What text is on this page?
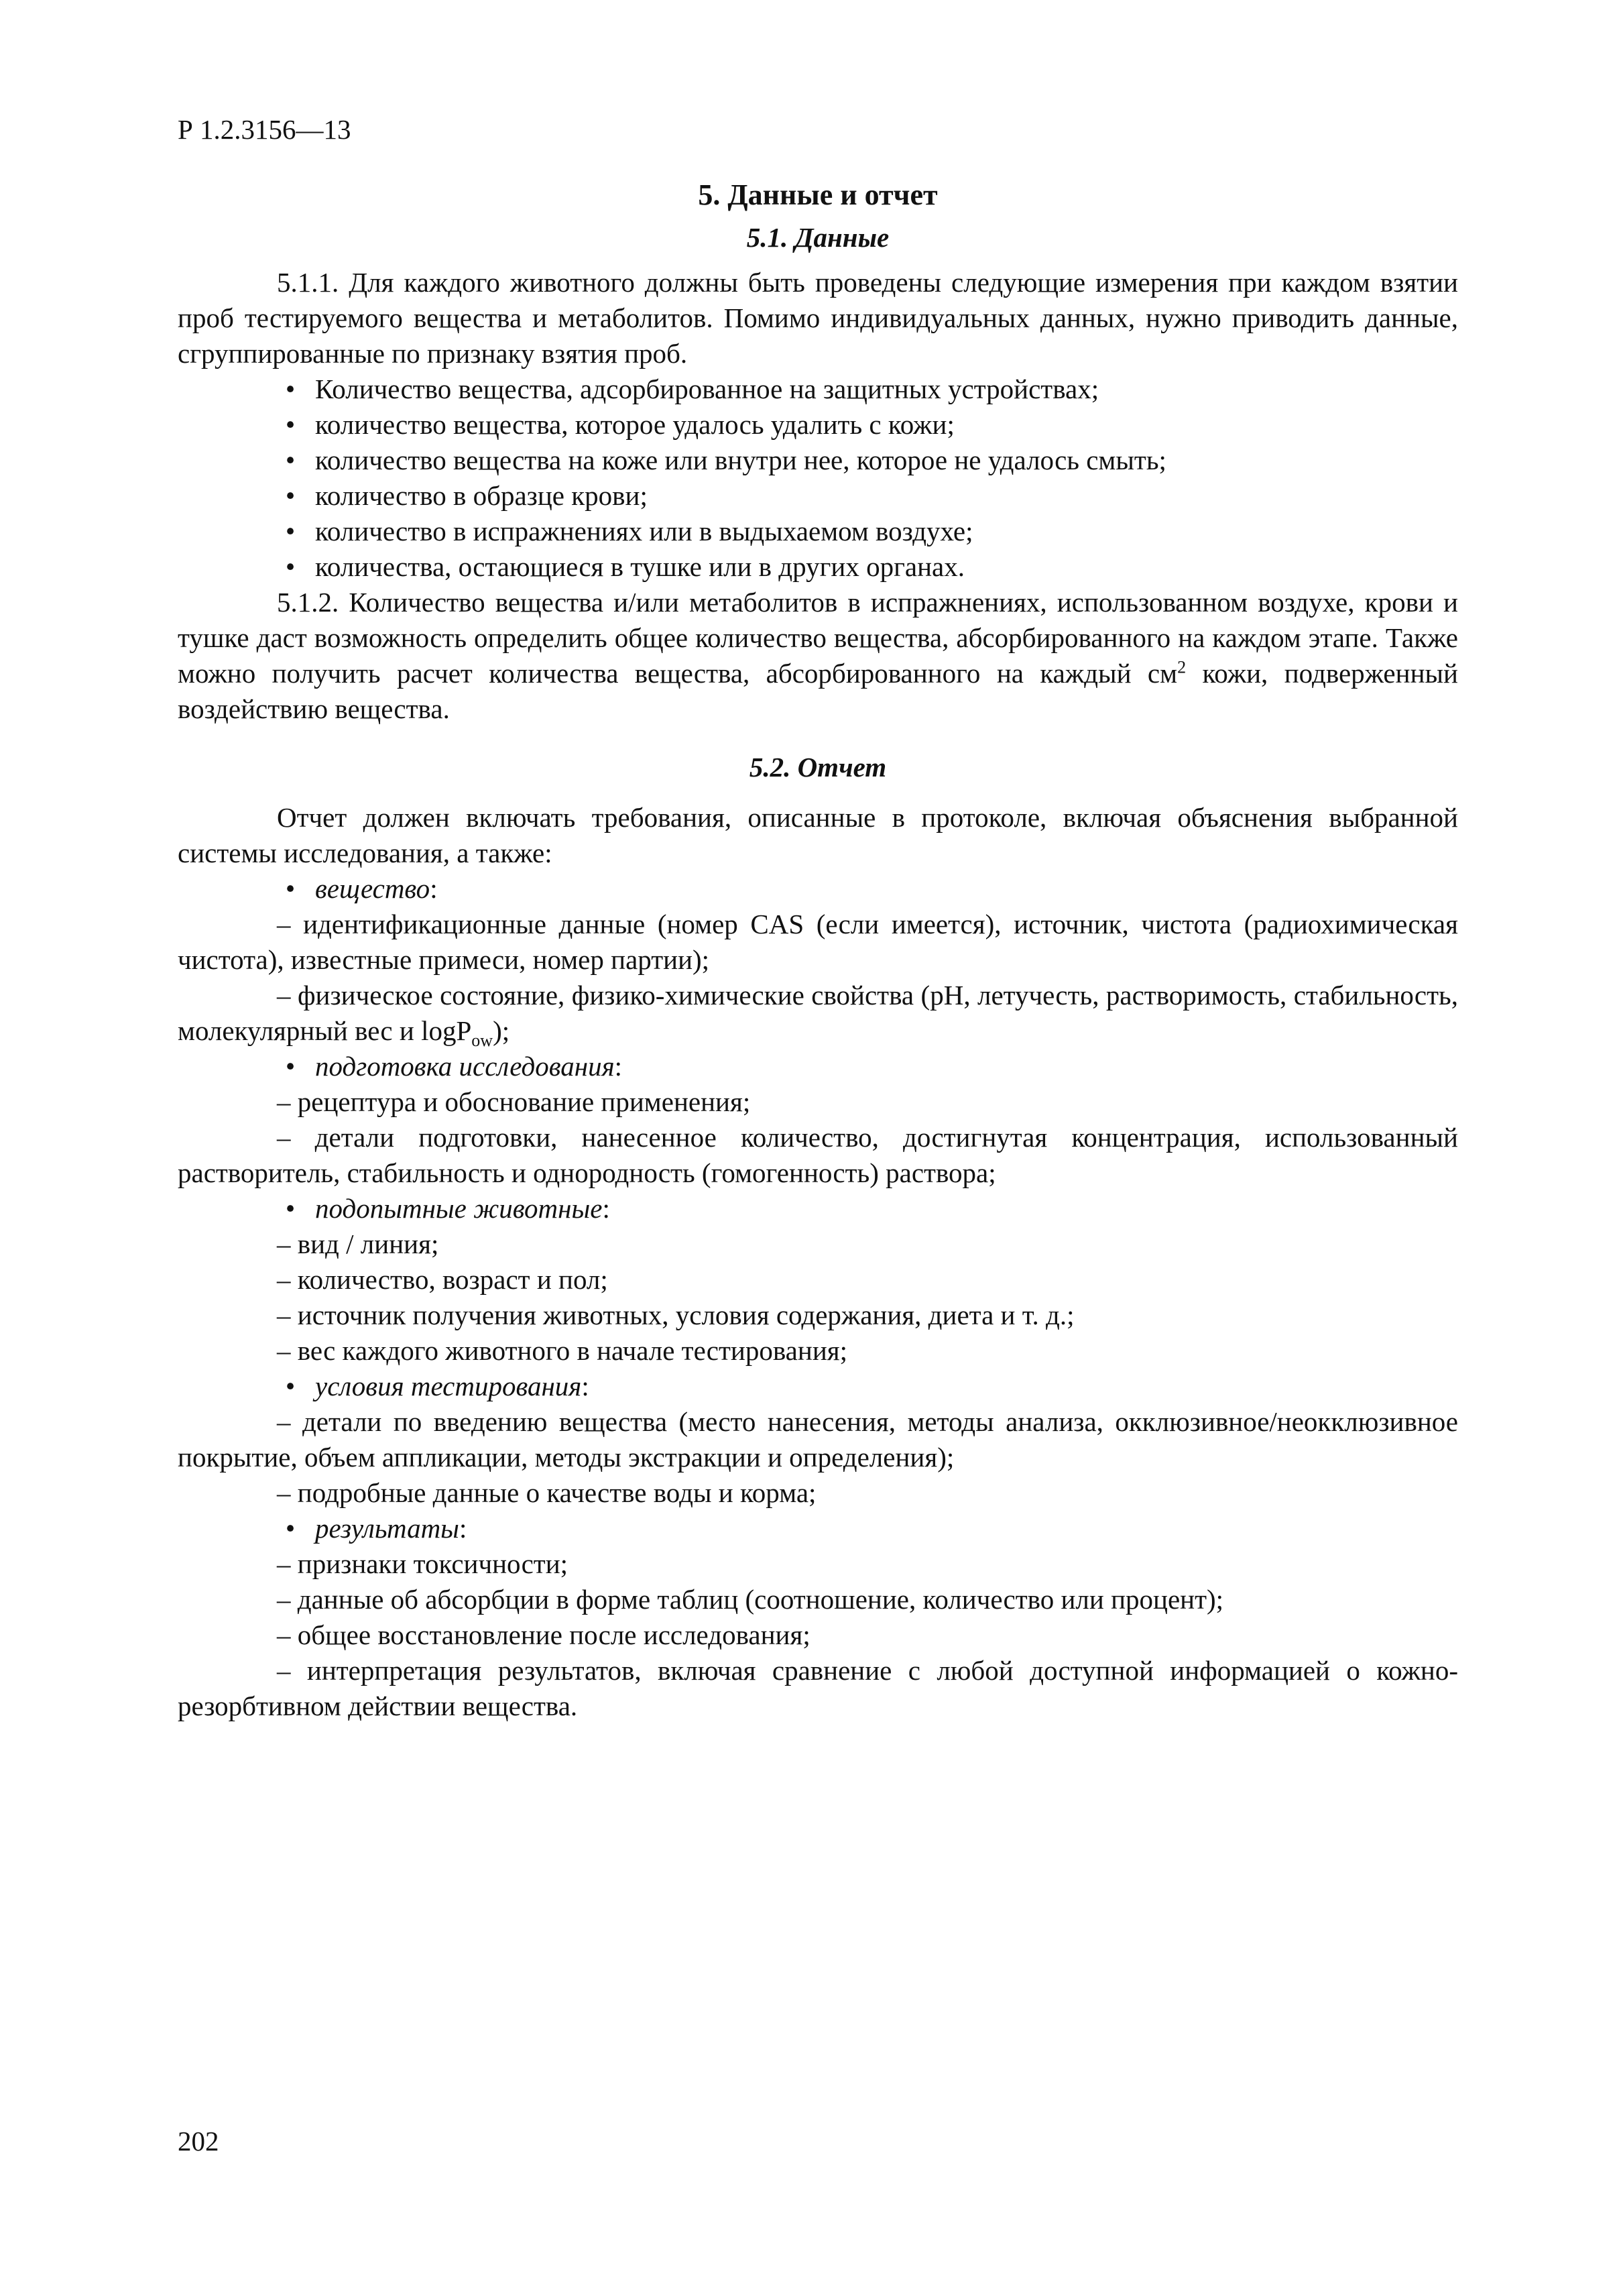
Р 1.2.3156—13
5. Данные и отчет
5.1. Данные

5.1.1. Для каждого животного должны быть проведены следующие измерения при каждом взятии проб тестируемого вещества и метаболитов. Помимо индивидуальных данных, нужно приводить данные, сгруппированные по признаку взятия проб.

• Количество вещества, адсорбированное на защитных устройствах;
• количество вещества, которое удалось удалить с кожи;
• количество вещества на коже или внутри нее, которое не удалось смыть;
• количество в образце крови;
• количество в испражнениях или в выдыхаемом воздухе;
• количества, остающиеся в тушке или в других органах.

5.1.2. Количество вещества и/или метаболитов в испражнениях, использованном воздухе, крови и тушке даст возможность определить общее количество вещества, абсорбированного на каждом этапе. Также можно получить расчет количества вещества, абсорбированного на каждый $см^2$ кожи, подверженный воздействию вещества.

5.2. Отчет

Отчет должен включать требования, описанные в протоколе, включая объяснения выбранной системы исследования, а также:

• вещество:

– идентификационные данные (номер CAS (если имеется), источник, чистота (радиохимическая чистота), известные примеси, номер партии);

– физическое состояние, физико-химические свойства (pH, летучесть, растворимость, стабильность, молекулярный вес и logP$_{ow}$);

• подготовка исследования:

– рецептура и обоснование применения;

– детали подготовки, нанесенное количество, достигнутая концентрация, использованный растворитель, стабильность и однородность (гомогенность) раствора;

• подопытные животные:

– вид / линия;

– количество, возраст и пол;

– источник получения животных, условия содержания, диета и т. д.;

– вес каждого животного в начале тестирования;

• условия тестирования:

– детали по введению вещества (место нанесения, методы анализа, окклюзивное/неокклюзивное покрытие, объем аппликации, методы экстракции и определения);

– подробные данные о качестве воды и корма;

• результаты:

– признаки токсичности;

– данные об абсорбции в форме таблиц (соотношение, количество или процент);

– общее восстановление после исследования;

– интерпретация результатов, включая сравнение с любой доступной информацией о кожно-резорбтивном действии вещества.

202
